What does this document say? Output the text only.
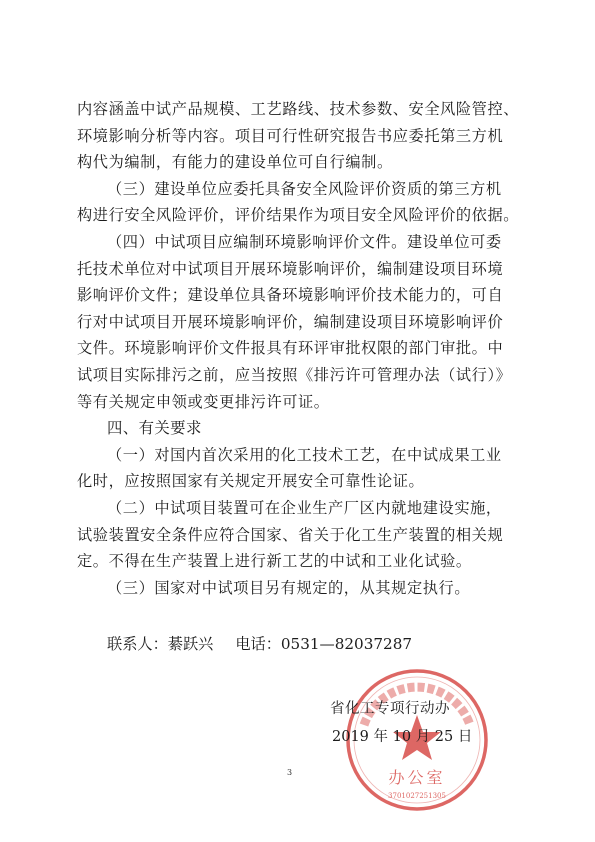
内容涵盖中试产品规模、工艺路线、技术参数、安全风险管控、
环境影响分析等内容。项目可行性研究报告书应委托第三方机
构代为编制，有能力的建设单位可自行编制。
（三）建设单位应委托具备安全风险评价资质的第三方机
构进行安全风险评价，评价结果作为项目安全风险评价的依据。
（四）中试项目应编制环境影响评价文件。建设单位可委
托技术单位对中试项目开展环境影响评价，编制建设项目环境
影响评价文件；建设单位具备环境影响评价技术能力的，可自
行对中试项目开展环境影响评价，编制建设项目环境影响评价
文件。环境影响评价文件报具有环评审批权限的部门审批。中
试项目实际排污之前，应当按照《排污许可管理办法（试行）》
等有关规定申领或变更排污许可证。
四、有关要求
（一）对国内首次采用的化工技术工艺，在中试成果工业
化时，应按照国家有关规定开展安全可靠性论证。
（二）中试项目装置可在企业生产厂区内就地建设实施，
试验装置安全条件应符合国家、省关于化工生产装置的相关规
定。不得在生产装置上进行新工艺的中试和工业化试验。
（三）国家对中试项目另有规定的，从其规定执行。
联系人：綦跃兴 电话：0531—82037287
办公室
3701027251305
省化工专项行动办
2019 年 10 月 25 日
3
